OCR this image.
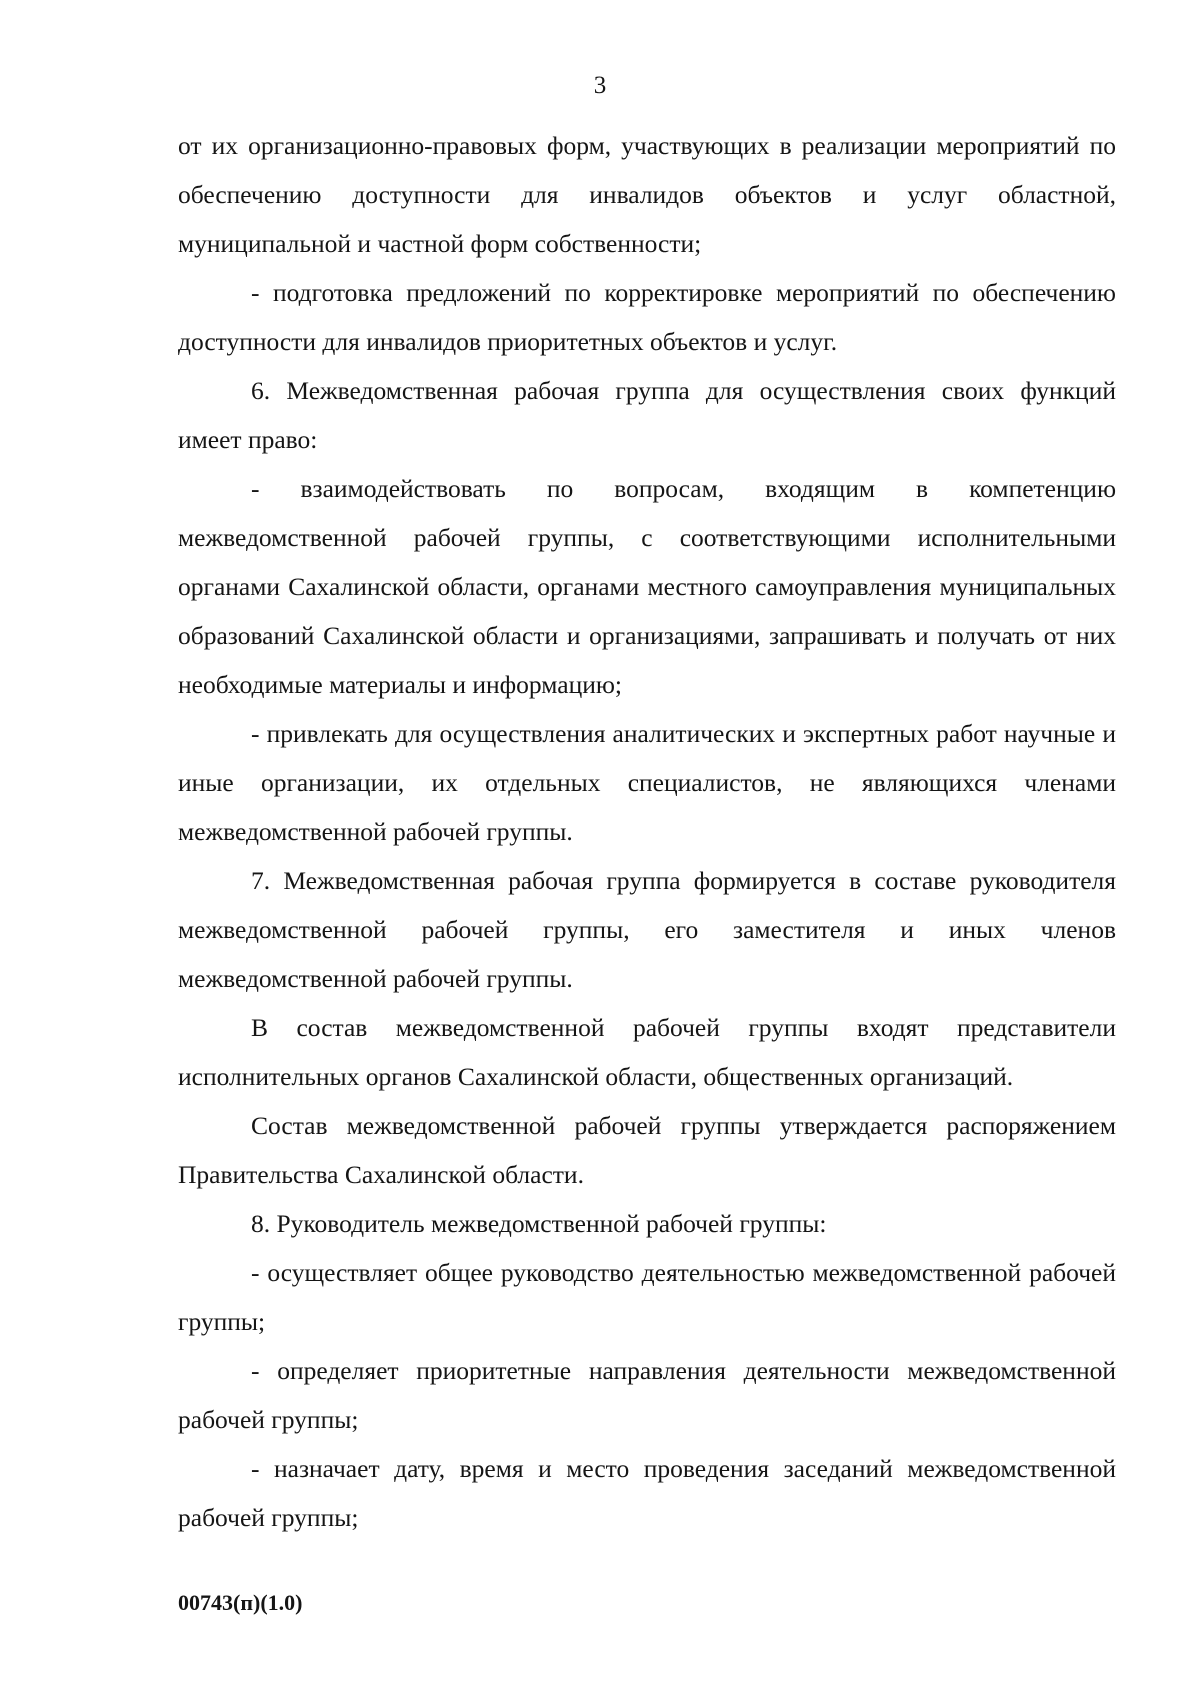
3

от их организационно-правовых форм, участвующих в реализации мероприятий по обеспечению доступности для инвалидов объектов и услуг областной, муниципальной и частной форм собственности;

- подготовка предложений по корректировке мероприятий по обеспечению доступности для инвалидов приоритетных объектов и услуг.

6. Межведомственная рабочая группа для осуществления своих функций имеет право:

- взаимодействовать по вопросам, входящим в компетенцию межведомственной рабочей группы, с соответствующими исполнительными органами Сахалинской области, органами местного самоуправления муниципальных образований Сахалинской области и организациями, запрашивать и получать от них необходимые материалы и информацию;

- привлекать для осуществления аналитических и экспертных работ научные и иные организации, их отдельных специалистов, не являющихся членами межведомственной рабочей группы.

7. Межведомственная рабочая группа формируется в составе руководителя межведомственной рабочей группы, его заместителя и иных членов межведомственной рабочей группы.

В состав межведомственной рабочей группы входят представители исполнительных органов Сахалинской области, общественных организаций.

Состав межведомственной рабочей группы утверждается распоряжением Правительства Сахалинской области.

8. Руководитель межведомственной рабочей группы:

- осуществляет общее руководство деятельностью межведомственной рабочей группы;

- определяет приоритетные направления деятельности межведомственной рабочей группы;

- назначает дату, время и место проведения заседаний межведомственной рабочей группы;

00743(п)(1.0)
